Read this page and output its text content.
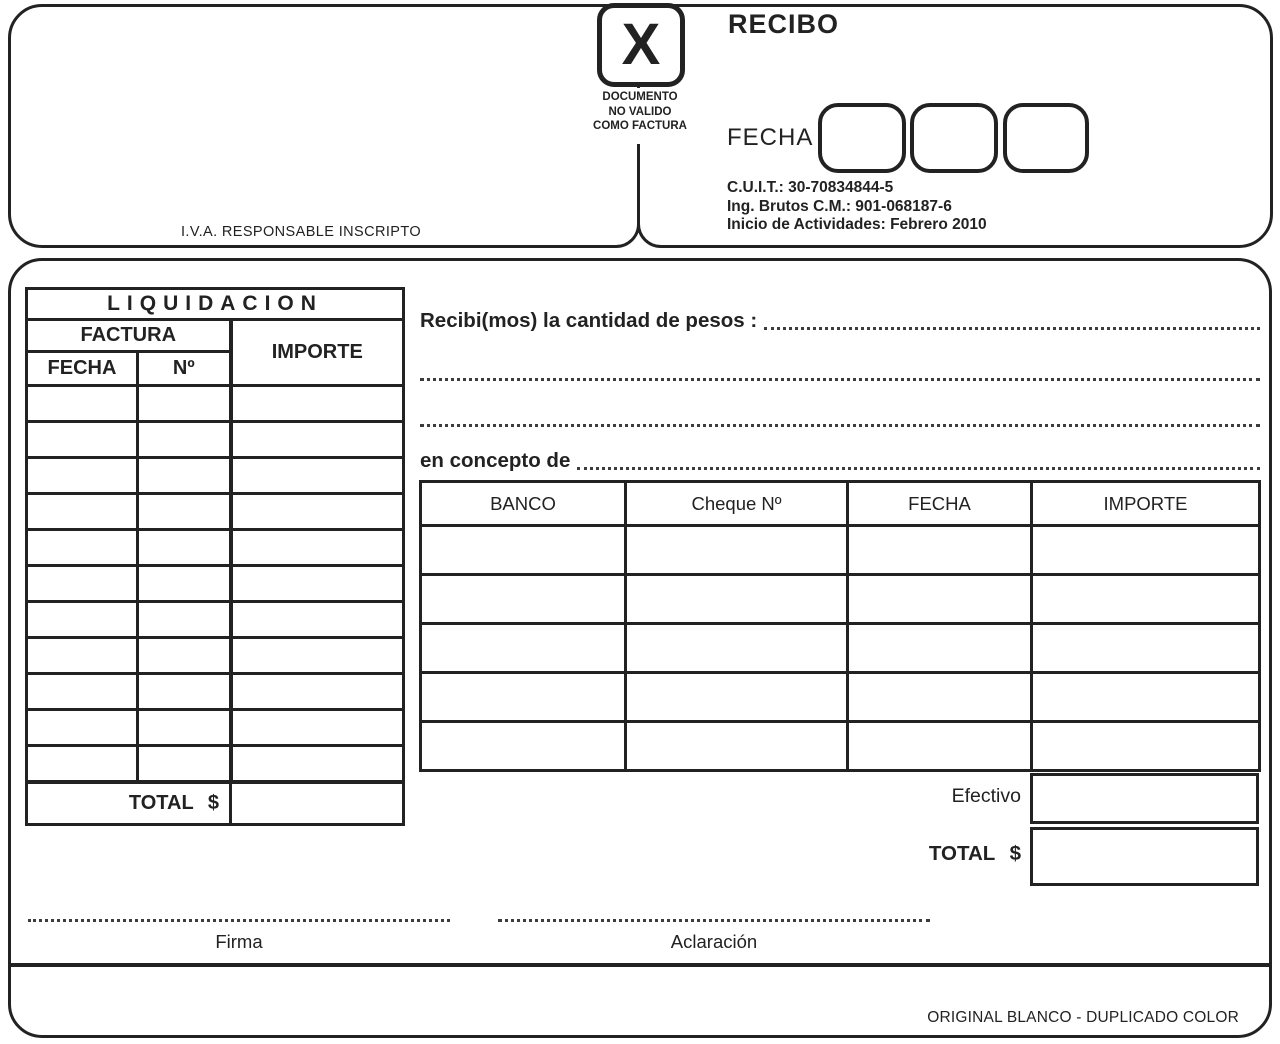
I.V.A. RESPONSABLE INSCRIPTO
RECIBO
FECHA
C.U.I.T.: 30-70834844-5
Ing. Brutos C.M.: 901-068187-6
Inicio de Actividades: Febrero 2010
DOCUMENTO
NO VALIDO
COMO FACTURA
X
LIQUIDACION		
FACTURA		IMPORTE
FECHA	Nº	

TOTAL $		
Recibi(mos) la cantidad de pesos :
en concepto de
BANCO	Cheque Nº	FECHA	IMPORTE

Efectivo
TOTAL $
Firma	Aclaración
ORIGINAL BLANCO - DUPLICADO COLOR
